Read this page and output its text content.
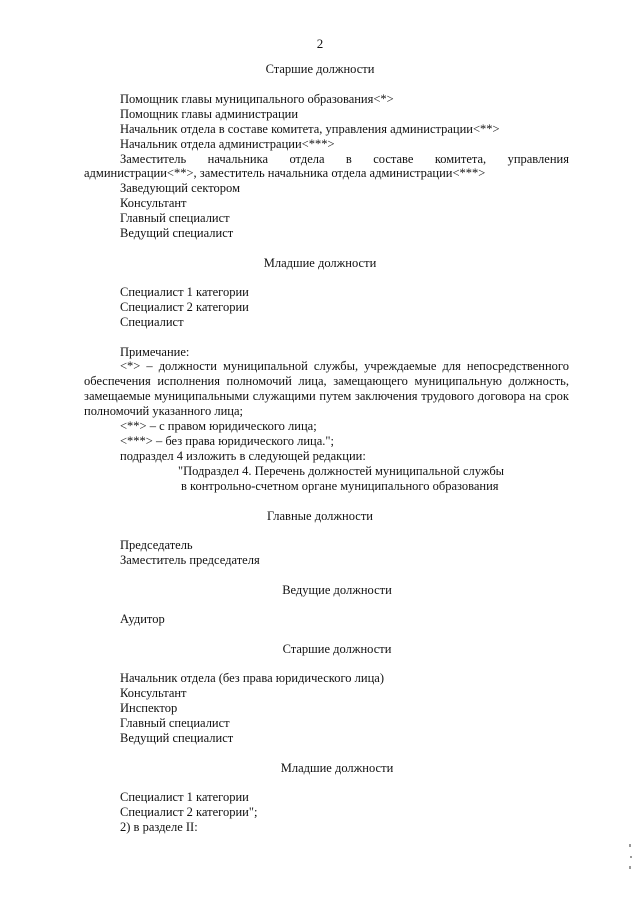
2
Старшие должности
Помощник главы муниципального образования<*>
Помощник главы администрации
Начальник отдела в составе комитета, управления администрации<**>
Начальник отдела администрации<***>
Заместитель начальника отдела в составе комитета, управления
администрации<**>, заместитель начальника отдела администрации<***>
Заведующий сектором
Консультант
Главный специалист
Ведущий специалист
Младшие должности
Специалист 1 категории
Специалист 2 категории
Специалист
Примечание:
<*> – должности муниципальной службы, учреждаемые для непосредственного обеспечения исполнения полномочий лица, замещающего муниципальную должность, замещаемые муниципальными служащими путем заключения трудового договора на срок полномочий указанного лица;
<**> – с правом юридического лица;
<***> – без права юридического лица.";
подраздел 4 изложить в следующей редакции:
"Подраздел 4. Перечень должностей муниципальной службы
в контрольно-счетном органе муниципального образования
Главные должности
Председатель
Заместитель председателя
Ведущие должности
Аудитор
Старшие должности
Начальник отдела (без права юридического лица)
Консультант
Инспектор
Главный специалист
Ведущий специалист
Младшие должности
Специалист 1 категории
Специалист 2 категории";
2) в разделе II:
